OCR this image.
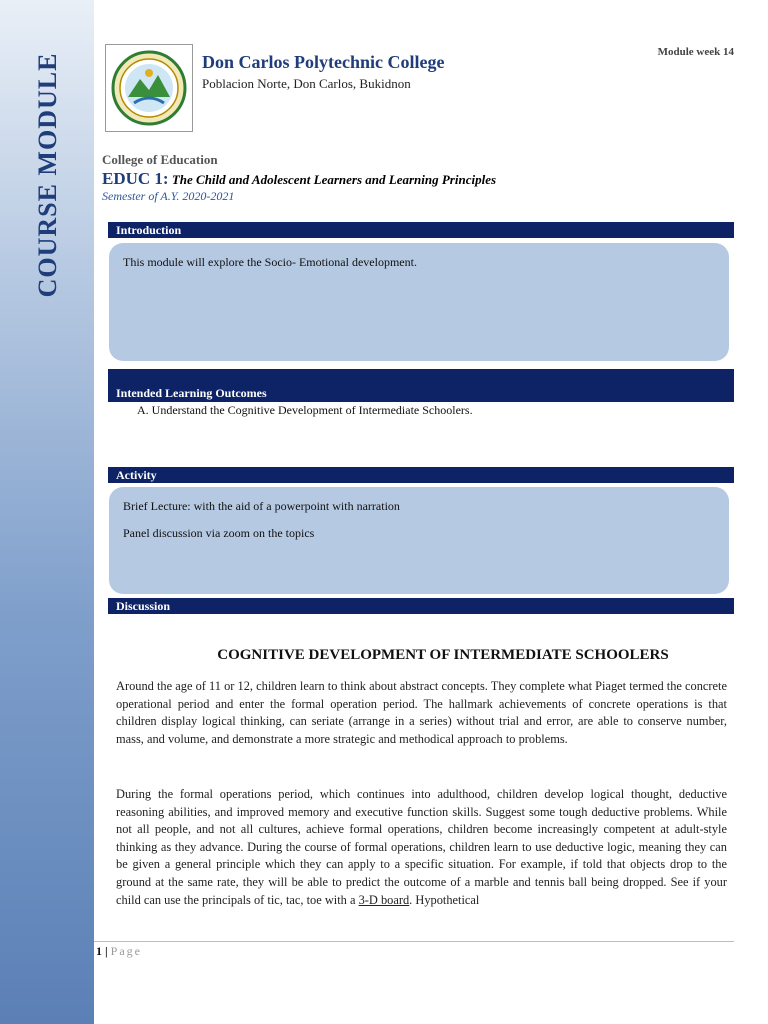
COURSE MODULE	Don Carlos Polytechnic College
Poblacion Norte, Don Carlos, Bukidnon
Module week 14
College of Education
EDUC 1: The Child and Adolescent Learners and Learning Principles
Semester of A.Y. 2020-2021
Introduction

This module will explore the Socio- Emotional development.

Intended Learning Outcomes
A. Understand the Cognitive Development of Intermediate Schoolers.
Activity

Brief Lecture: with the aid of a powerpoint with narration

Panel discussion via zoom on the topics

Discussion
COGNITIVE DEVELOPMENT OF INTERMEDIATE SCHOOLERS
Around the age of 11 or 12, children learn to think about abstract concepts. They complete what Piaget termed the concrete operational period and enter the formal operation period. The hallmark achievements of concrete operations is that children display logical thinking, can seriate (arrange in a series) without trial and error, are able to conserve number, mass, and volume, and demonstrate a more strategic and methodical approach to problems.
During the formal operations period, which continues into adulthood, children develop logical thought, deductive reasoning abilities, and improved memory and executive function skills. Suggest some tough deductive problems. While not all people, and not all cultures, achieve formal operations, children become increasingly competent at adult-style thinking as they advance. During the course of formal operations, children learn to use deductive logic, meaning they can be given a general principle which they can apply to a specific situation. For example, if told that objects drop to the ground at the same rate, they will be able to predict the outcome of a marble and tennis ball being dropped. See if your child can use the principals of tic, tac, toe with a 3-D board. Hypothetical
1 | Page
